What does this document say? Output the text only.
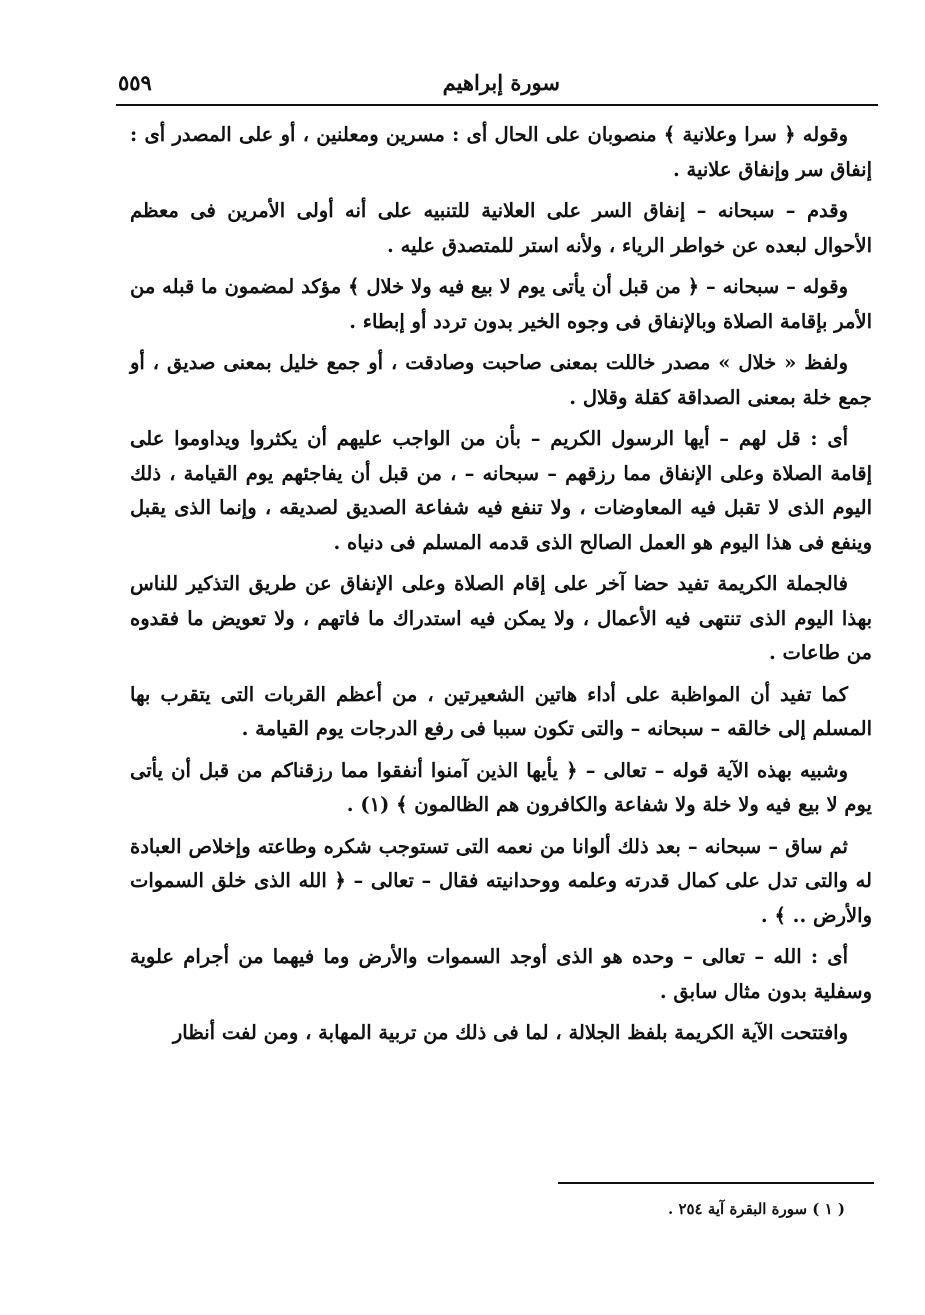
سورة إبراهيم
٥٥٩

وقوله ﴿ سرا وعلانية ﴾ منصوبان على الحال أى : مسرين ومعلنين ، أو على المصدر أى : إنفاق سر وإنفاق علانية .

وقدم – سبحانه – إنفاق السر على العلانية للتنبيه على أنه أولى الأمرين فى معظم الأحوال لبعده عن خواطر الرياء ، ولأنه استر للمتصدق عليه .

وقوله – سبحانه – ﴿ من قبل أن يأتى يوم لا بيع فيه ولا خلال ﴾ مؤكد لمضمون ما قبله من الأمر بإقامة الصلاة وبالإنفاق فى وجوه الخير بدون تردد أو إبطاء .

ولفظ « خلال » مصدر خاللت بمعنى صاحبت وصادقت ، أو جمع خليل بمعنى صديق ، أو جمع خلة بمعنى الصداقة كقلة وقلال .

أى : قل لهم – أيها الرسول الكريم – بأن من الواجب عليهم أن يكثروا ويداوموا على إقامة الصلاة وعلى الإنفاق مما رزقهم – سبحانه – ، من قبل أن يفاجئهم يوم القيامة ، ذلك اليوم الذى لا تقبل فيه المعاوضات ، ولا تنفع فيه شفاعة الصديق لصديقه ، وإنما الذى يقبل وينفع فى هذا اليوم هو العمل الصالح الذى قدمه المسلم فى دنياه .

فالجملة الكريمة تفيد حضا آخر على إقام الصلاة وعلى الإنفاق عن طريق التذكير للناس بهذا اليوم الذى تنتهى فيه الأعمال ، ولا يمكن فيه استدراك ما فاتهم ، ولا تعويض ما فقدوه من طاعات .

كما تفيد أن المواظبة على أداء هاتين الشعيرتين ، من أعظم القربات التى يتقرب بها المسلم إلى خالقه – سبحانه – والتى تكون سببا فى رفع الدرجات يوم القيامة .

وشبيه بهذه الآية قوله – تعالى – ﴿ يأيها الذين آمنوا أنفقوا مما رزقناكم من قبل أن يأتى يوم لا بيع فيه ولا خلة ولا شفاعة والكافرون هم الظالمون ﴾ (١) .

ثم ساق – سبحانه – بعد ذلك ألوانا من نعمه التى تستوجب شكره وطاعته وإخلاص العبادة له والتى تدل على كمال قدرته وعلمه ووحدانيته فقال – تعالى – ﴿ الله الذى خلق السموات والأرض .. ﴾ .

أى : الله – تعالى – وحده هو الذى أوجد السموات والأرض وما فيهما من أجرام علوية وسفلية بدون مثال سابق .

وافتتحت الآية الكريمة بلفظ الجلالة ، لما فى ذلك من تربية المهابة ، ومن لفت أنظار

( ١ ) سورة البقرة آية ٢٥٤ .
